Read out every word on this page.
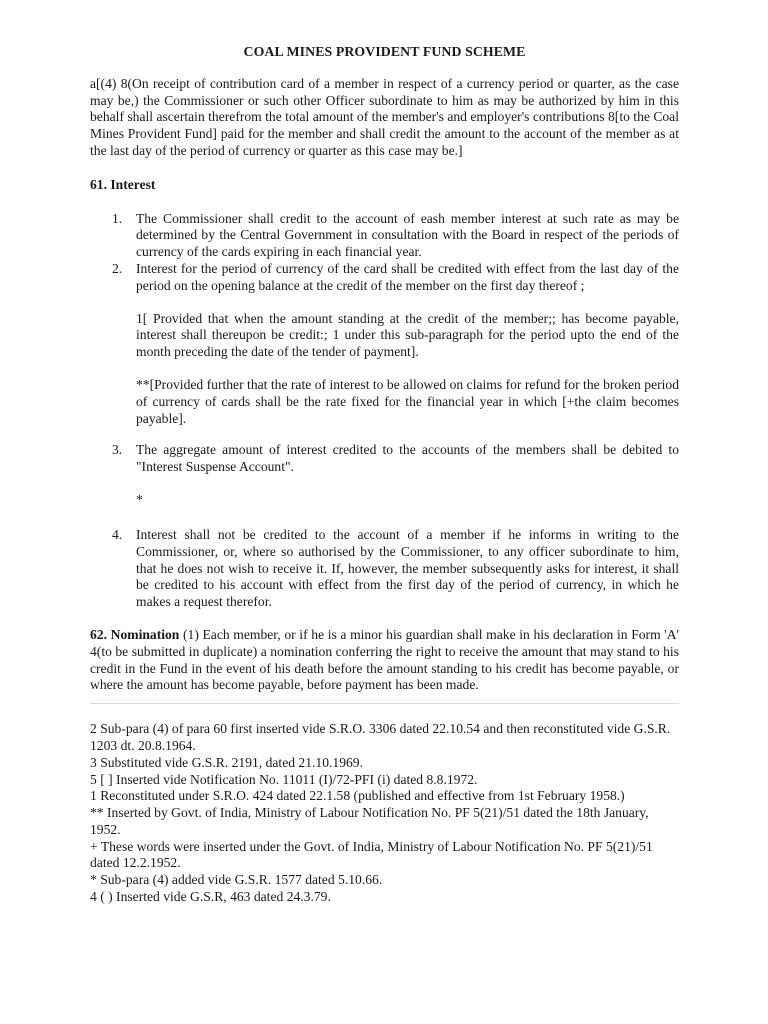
COAL MINES PROVIDENT FUND SCHEME

a[(4) 8(On receipt of contribution card of a member in respect of a currency period or quarter, as the case may be,) the Commissioner or such other Officer subordinate to him as may be authorized by him in this behalf shall ascertain therefrom the total amount of the member's and employer's contributions 8[to the Coal Mines Provident Fund] paid for the member and shall credit the amount to the account of the member as at the last day of the period of currency or quarter as this case may be.]

61. Interest
1. The Commissioner shall credit to the account of eash member interest at such rate as may be determined by the Central Government in consultation with the Board in respect of the periods of currency of the cards expiring in each financial year.

2. Interest for the period of currency of the card shall be credited with effect from the last day of the period on the opening balance at the credit of the member on the first day thereof ;

1[ Provided that when the amount standing at the credit of the member;; has become payable, interest shall thereupon be credit:; 1 under this sub-paragraph for the period upto the end of the month preceding the date of the tender of payment].

**[Provided further that the rate of interest to be allowed on claims for refund for the broken period of currency of cards shall be the rate fixed for the financial year in which [+the claim becomes payable].

3. The aggregate amount of interest credited to the accounts of the members shall be debited to "Interest Suspense Account".

*

4. Interest shall not be credited to the account of a member if he informs in writing to the Commissioner, or, where so authorised by the Commissioner, to any officer subordinate to him, that he does not wish to receive it. If, however, the member subsequently asks for interest, it shall be credited to his account with effect from the first day of the period of currency, in which he makes a request therefor.

62. Nomination (1) Each member, or if he is a minor his guardian shall make in his declaration in Form 'A' 4(to be submitted in duplicate) a nomination conferring the right to receive the amount that may stand to his credit in the Fund in the event of his death before the amount standing to his credit has become payable, or where the amount has become payable, before payment has been made.

2 Sub-para (4) of para 60 first inserted vide S.R.O. 3306 dated 22.10.54 and then reconstituted vide G.S.R. 1203 dt. 20.8.1964.

3 Substituted vide G.S.R. 2191, dated 21.10.1969.

5 [ ] Inserted vide Notification No. 11011 (I)/72-PFI (i) dated 8.8.1972.

1 Reconstituted under S.R.O. 424 dated 22.1.58 (published and effective from 1st February 1958.)

** Inserted by Govt. of India, Ministry of Labour Notification No. PF 5(21)/51 dated the 18th January, 1952.

+ These words were inserted under the Govt. of India, Ministry of Labour Notification No. PF 5(21)/51 dated 12.2.1952.

* Sub-para (4) added vide G.S.R. 1577 dated 5.10.66.

4 ( ) Inserted vide G.S.R, 463 dated 24.3.79.
